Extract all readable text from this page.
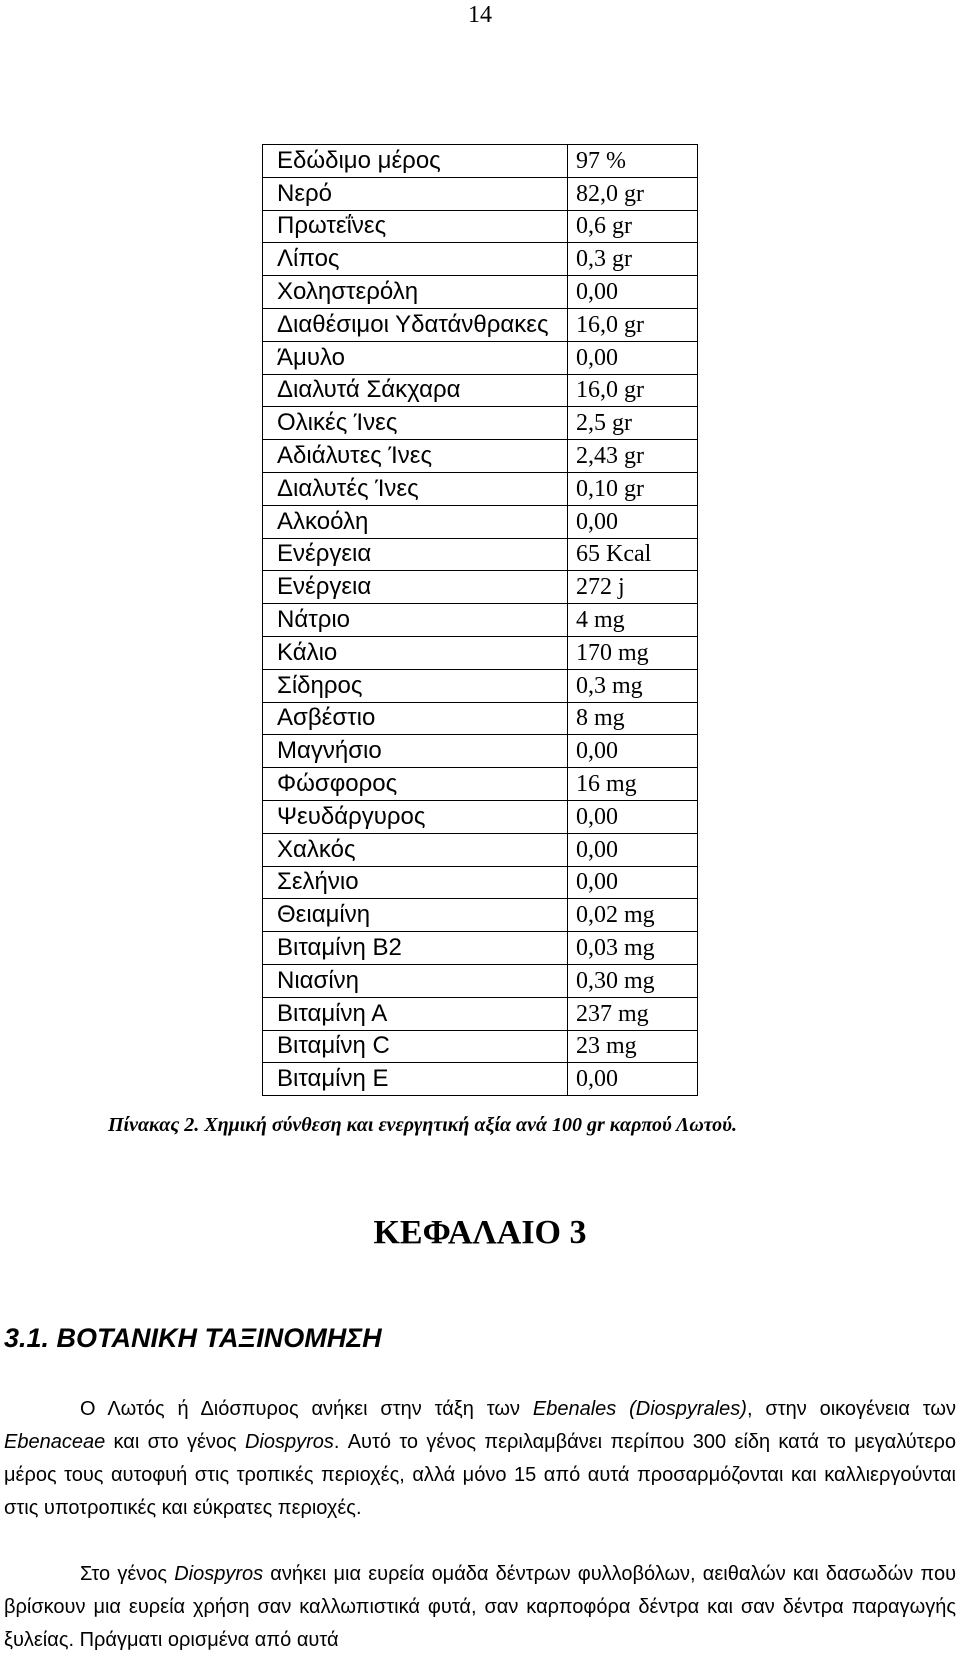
14
Εδώδιμο μέρος	97 %
Νερό	82,0 gr
Πρωτεΐνες	0,6 gr
Λίπος	0,3 gr
Χοληστερόλη	0,00
Διαθέσιμοι Υδατάνθρακες	16,0 gr
Άμυλο	0,00
Διαλυτά Σάκχαρα	16,0 gr
Ολικές Ίνες	2,5 gr
Αδιάλυτες Ίνες	2,43 gr
Διαλυτές Ίνες	0,10 gr
Αλκοόλη	0,00
Ενέργεια	65 Kcal
Ενέργεια	272 j
Νάτριο	4 mg
Κάλιο	170 mg
Σίδηρος	0,3 mg
Ασβέστιο	8 mg
Μαγνήσιο	0,00
Φώσφορος	16 mg
Ψευδάργυρος	0,00
Χαλκός	0,00
Σελήνιο	0,00
Θειαμίνη	0,02 mg
Βιταμίνη Β2	0,03 mg
Νιασίνη	0,30 mg
Βιταμίνη Α	237 mg
Βιταμίνη C	23 mg
Βιταμίνη Ε	0,00
Πίνακας 2. Χημική σύνθεση και ενεργητική αξία ανά 100 gr καρπού Λωτού.
ΚΕΦΑΛΑΙΟ 3
3.1. ΒΟΤΑΝΙΚΗ ΤΑΞΙΝΟΜΗΣΗ
Ο Λωτός ή Διόσπυρος ανήκει στην τάξη των Ebenales (Diospyrales), στην οικογένεια των Ebenaceae και στο γένος Diospyros. Αυτό το γένος περιλαμβάνει περίπου 300 είδη κατά το μεγαλύτερο μέρος τους αυτοφυή στις τροπικές περιοχές, αλλά μόνο 15 από αυτά προσαρμόζονται και καλλιεργούνται στις υποτροπικές και εύκρατες περιοχές.
Στο γένος Diospyros ανήκει μια ευρεία ομάδα δέντρων φυλλοβόλων, αειθαλών και δασωδών που βρίσκουν μια ευρεία χρήση σαν καλλωπιστικά φυτά, σαν καρποφόρα δέντρα και σαν δέντρα παραγωγής ξυλείας. Πράγματι ορισμένα από αυτά
